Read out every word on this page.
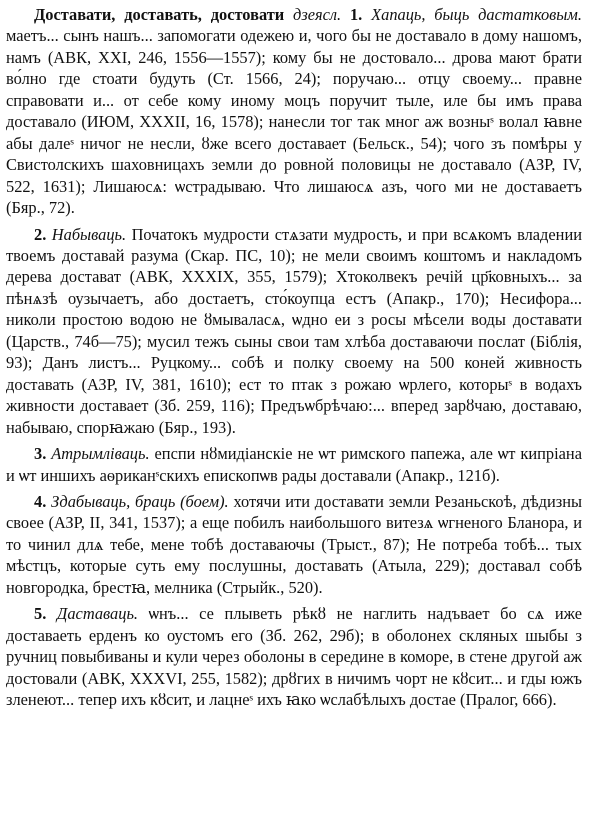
Доставати, доставать, достовати дзеясл. 1. Хапаць, быць дастатковым. маетъ... сынъ нашъ... запомогати одежею и, чого бы не доставало в дому нашомъ, намъ (АВК, XXI, 246, 1556—1557); кому бы не достовало... дрова мают брати во́лно где стоати будуть (Ст. 1566, 24); поручаю... отцу своему... правне справовати и... от себе кому иному моцъ поручит тыле, иле бы имъ права доставало (ИЮМ, XXXII, 16, 1578); нанесли тог так мног аж возныˢ волал ꙗвне абы далеˢ ничог не несли, ȣже всего доставает (Бельск., 54); чого зъ помѣры у Свистолскихъ шаховницахъ земли до ровной половицы не доставало (АЗР, IV, 522, 1631); Лишаюсѧ: ѡстрадываю. Что лишаюсѧ азъ, чого ми не доставаетъ (Бяр., 72).
2. Набываць. Початокъ мудрости стѧзати мудрость, и при всѧкомъ владении твоемъ доставай разума (Скар. ПС, 10); не мели своимъ коштомъ и накладомъ дерева достават (АВК, XXXIX, 355, 1579); Хтоколвекъ речій цр҃ковныхъ... за пѣнѧзѣ оузычаетъ, або достаетъ, сто́коупца естъ (Апакр., 170); Несифора... николи простою водою не ȣмываласѧ, ѡдно еи з росы мѣсели воды доставати (Царств., 74б—75); мусил тежъ сыны свои там хлѣба доставаючи послат (Біблія, 93); Данъ листъ... Руцкому... собѣ и полку своему на 500 коней живность доставать (АЗР, IV, 381, 1610); ест то птак з рожаю ѡрлего, которыˢ в водахъ живности доставает (Зб. 259, 116); Предъѡбрѣчаю:... вперед зарȣчаю, доставаю, набываю, спорꙗжаю (Бяр., 193).
3. Атрымліваць. епспи нȣмидіанскіе не ѡт римского папежа, але ѡт кипріана и ѡт иншихъ аѳриканˢскихъ епископѡв рады доставали (Апакр., 121б).
4. Здабываць, браць (боем). хотячи ити доставати земли Резаньскоѣ, дѣдизны своее (АЗР, II, 341, 1537); а еще побилъ наибольшого витезѧ ѡгненого Бланора, и то чинил длѧ тебе, мене тобѣ доставаючы (Трыст., 87); Не потреба тобѣ... тых мѣстцъ, которые суть ему послушны, доставать (Атыла, 229); доставал собѣ новгородка, брестꙗ, мелника (Стрыйк., 520).
5. Даставаць. ѡнъ... се плыветь рѣкȣ не наглить надъвает бо сѧ иже доставаеть ерденъ ко оустомъ его (Зб. 262, 29б); в оболонех скляных шыбы з ручниц повыбиваны и кули через оболоны в середине в коморе, в стене другой аж достовали (АВК, XXXVI, 255, 1582); дрȣгих в ничимъ чорт не кȣсит... и гды южъ зленеют... тепер ихъ кȣсит, и лацнеˢ ихъ ꙗко ѡслабѣлыхъ достае (Пралог, 666).
